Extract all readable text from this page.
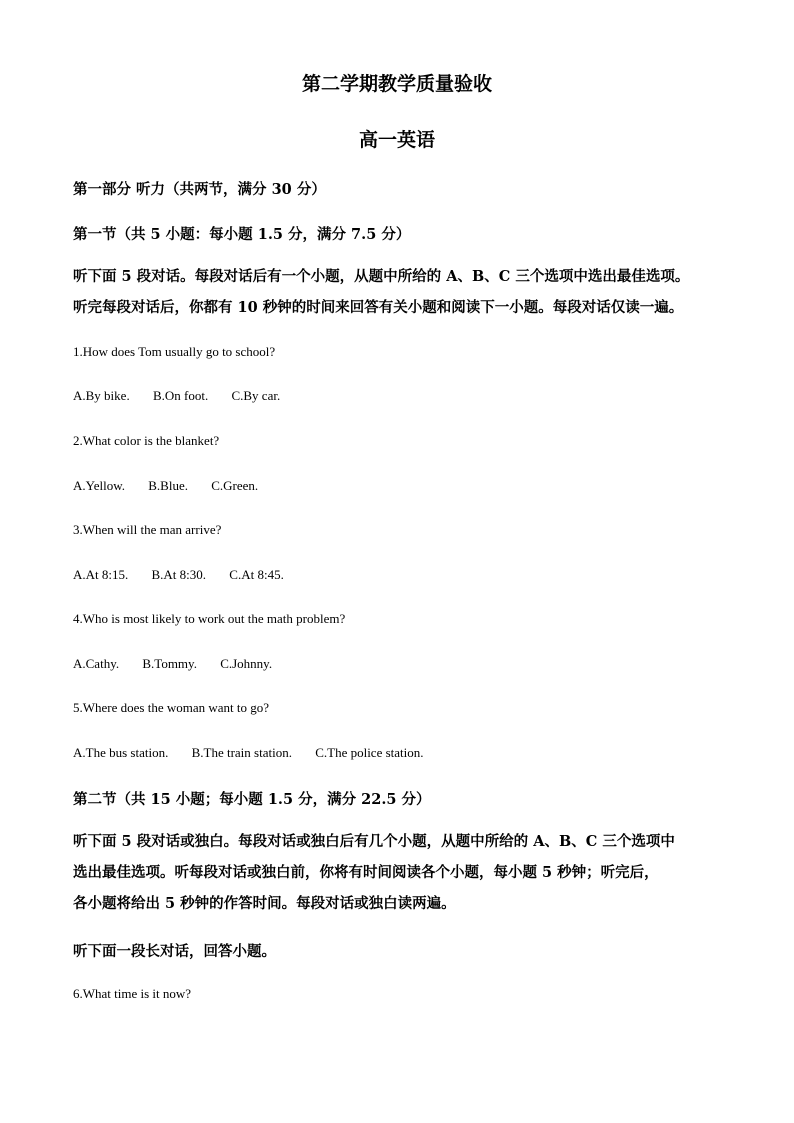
第二学期教学质量验收
高一英语

第一部分 听力（共两节，满分 30 分）

第一节（共 5 小题：每小题 1.5 分，满分 7.5 分）

听下面 5 段对话。每段对话后有一个小题，从题中所给的 A、B、C 三个选项中选出最佳选项。
听完每段对话后，你都有 10 秒钟的时间来回答有关小题和阅读下一小题。每段对话仅读一遍。

1.How does Tom usually go to school?

A.By bike. B.On foot. C.By car.

2.What color is the blanket?

A.Yellow. B.Blue. C.Green.

3.When will the man arrive?

A.At 8:15. B.At 8:30. C.At 8:45.

4.Who is most likely to work out the math problem?

A.Cathy. B.Tommy. C.Johnny.

5.Where does the woman want to go?

A.The bus station. B.The train station. C.The police station.

第二节（共 15 小题；每小题 1.5 分，满分 22.5 分）

听下面 5 段对话或独白。每段对话或独白后有几个小题，从题中所给的 A、B、C 三个选项中
选出最佳选项。听每段对话或独白前，你将有时间阅读各个小题，每小题 5 秒钟；听完后，
各小题将给出 5 秒钟的作答时间。每段对话或独白读两遍。

听下面一段长对话，回答小题。

6.What time is it now?
